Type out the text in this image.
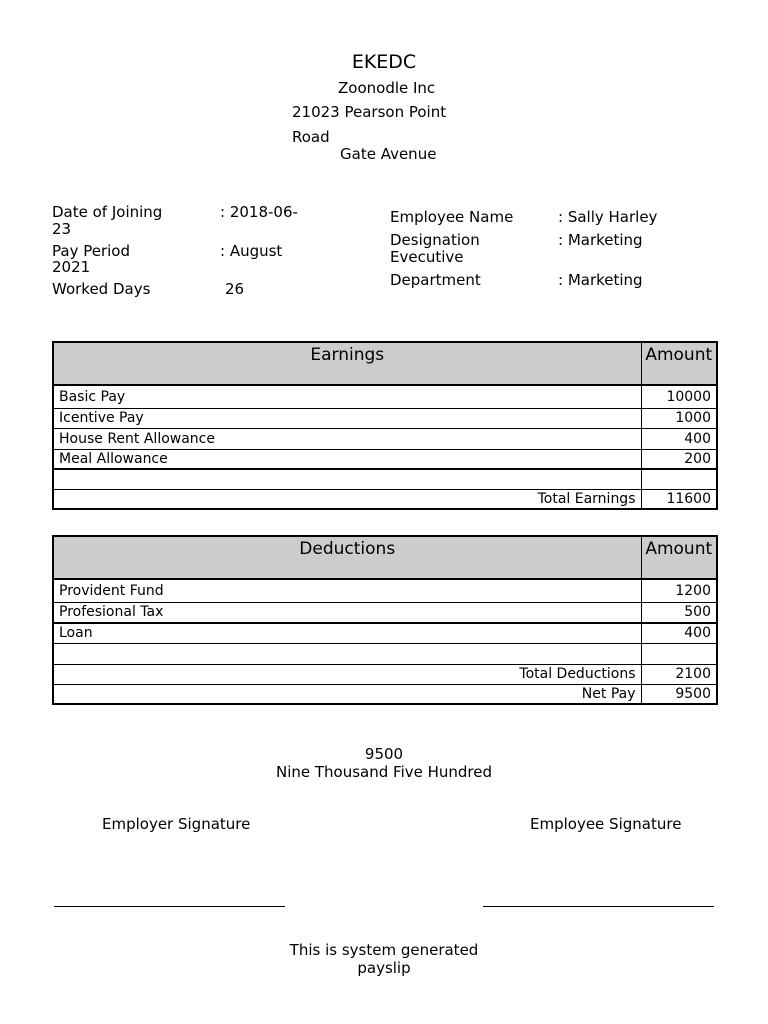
EKEDC
Zoonodle Inc
21023 Pearson Point
Road
Gate Avenue
Date of Joining	: 2018-06-
23
Pay Period	: August
2021
Worked Days	26
Employee Name	: Sally Harley
Designation	: Marketing
Evecutive
Department	: Marketing
Earnings	Amount
Basic Pay	10000
Icentive Pay	1000
House Rent Allowance	400
Meal Allowance	200

Total Earnings	11600
Deductions	Amount
Provident Fund	1200
Profesional Tax	500
Loan	400

Total Deductions	2100
Net Pay	9500
9500
Nine Thousand Five Hundred
Employer Signature	Employee Signature
This is system generated
payslip
